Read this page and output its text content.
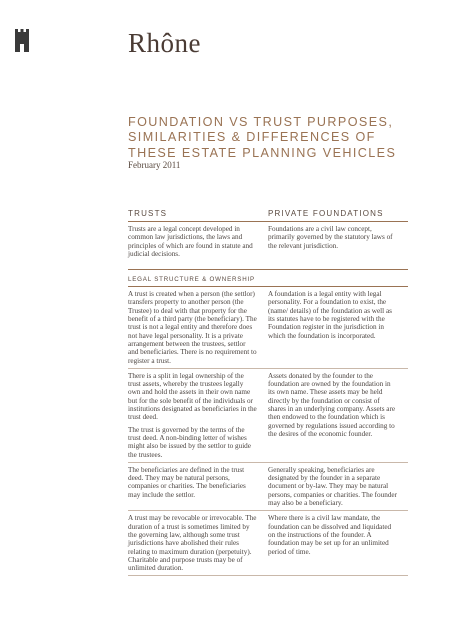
Rhône
FOUNDATION VS TRUST PURPOSES, SIMILARITIES & DIFFERENCES OF THESE ESTATE PLANNING VEHICLES
February 2011
TRUSTS	PRIVATE FOUNDATIONS
Trusts are a legal concept developed in common law jurisdictions, the laws and principles of which are found in statute and judicial decisions.
Foundations are a civil law concept, primarily governed by the statutory laws of the relevant jurisdiction.
LEGAL STRUCTURE & OWNERSHIP

A trust is created when a person (the settlor) transfers property to another person (the Trustee) to deal with that property for the benefit of a third party (the beneficiary). The trust is not a legal entity and therefore does not have legal personality. It is a private arrangement between the trustees, settlor and beneficiaries. There is no requirement to register a trust.

A foundation is a legal entity with legal personality. For a foundation to exist, the (name/ details) of the foundation as well as its statutes have to be registered with the Foundation register in the jurisdiction in which the foundation is incorporated.

There is a split in legal ownership of the trust assets, whereby the trustees legally own and hold the assets in their own name but for the sole benefit of the individuals or institutions designated as beneficiaries in the trust deed.

The trust is governed by the terms of the trust deed. A non-binding letter of wishes might also be issued by the settlor to guide the trustees.

Assets donated by the founder to the foundation are owned by the foundation in its own name. These assets may be held directly by the foundation or consist of shares in an underlying company. Assets are then endowed to the foundation which is governed by regulations issued according to the desires of the economic founder.

The beneficiaries are defined in the trust deed. They may be natural persons, companies or charities. The beneficiaries may include the settlor.

Generally speaking, beneficiaries are designated by the founder in a separate document or by-law. They may be natural persons, companies or charities. The founder may also be a beneficiary.

A trust may be revocable or irrevocable. The duration of a trust is sometimes limited by the governing law, although some trust jurisdictions have abolished their rules relating to maximum duration (perpetuity). Charitable and purpose trusts may be of unlimited duration.

Where there is a civil law mandate, the foundation can be dissolved and liquidated on the instructions of the founder. A foundation may be set up for an unlimited period of time.
